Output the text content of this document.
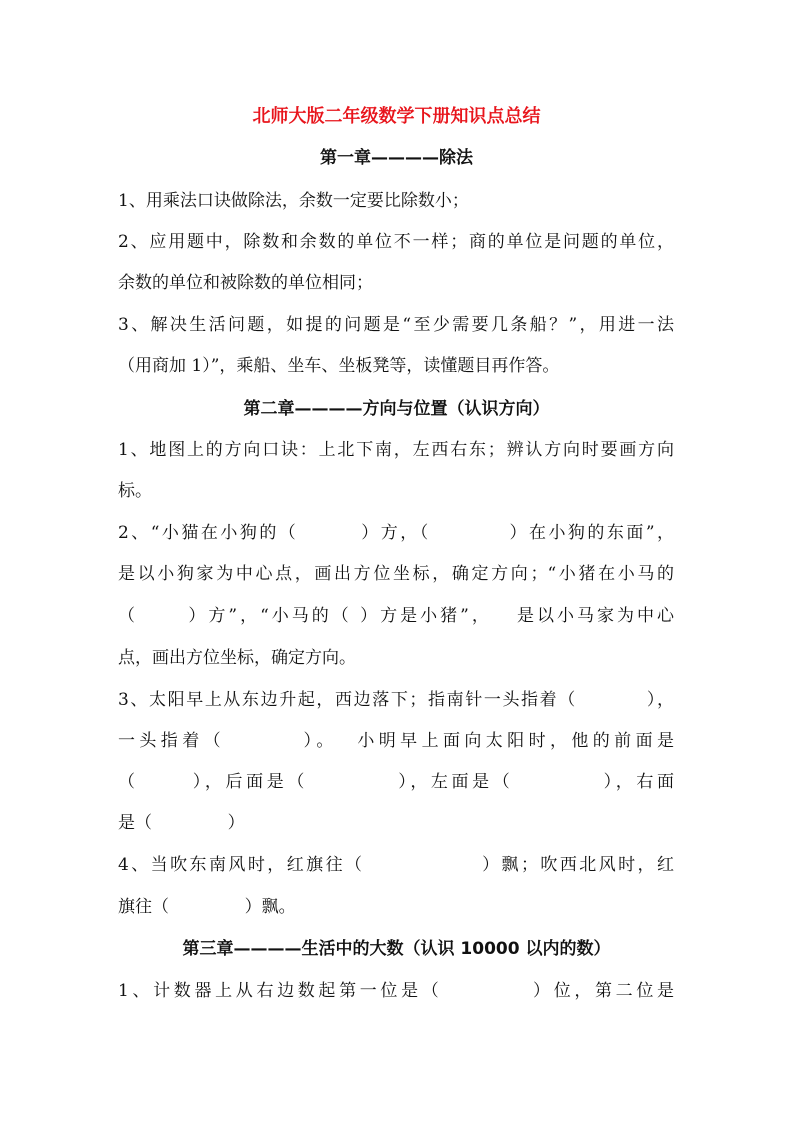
北师大版二年级数学下册知识点总结
第一章————除法
1、用乘法口诀做除法，余数一定要比除数小；
2、应用题中，除数和余数的单位不一样；商的单位是问题的单位，
余数的单位和被除数的单位相同；
3、解决生活问题，如提的问题是“至少需要几条船？”，用进一法
（用商加 1）”，乘船、坐车、坐板凳等，读懂题目再作答。
第二章————方向与位置（认识方向）
1、地图上的方向口诀：上北下南，左西右东；辨认方向时要画方向
标。
2、“小猫在小狗的（        ）方，（          ）在小狗的东面”，
是以小狗家为中心点，画出方位坐标，确定方向；“小猪在小马的
（      ）方”，“小马的（ ）方是小猪”，   是以小马家为中心
点，画出方位坐标，确定方向。
3、太阳早上从东边升起，西边落下；指南针一头指着（          ），
一头指着（        ）。  小明早上面向太阳时，他的前面是
（      ），后面是（          ），左面是（          ），右面
是（              ）
4、当吹东南风时，红旗往（               ）飘；吹西北风时，红
旗往（              ）飘。
第三章————生活中的大数（认识 10000 以内的数）
1、计数器上从右边数起第一位是（          ）位，第二位是
